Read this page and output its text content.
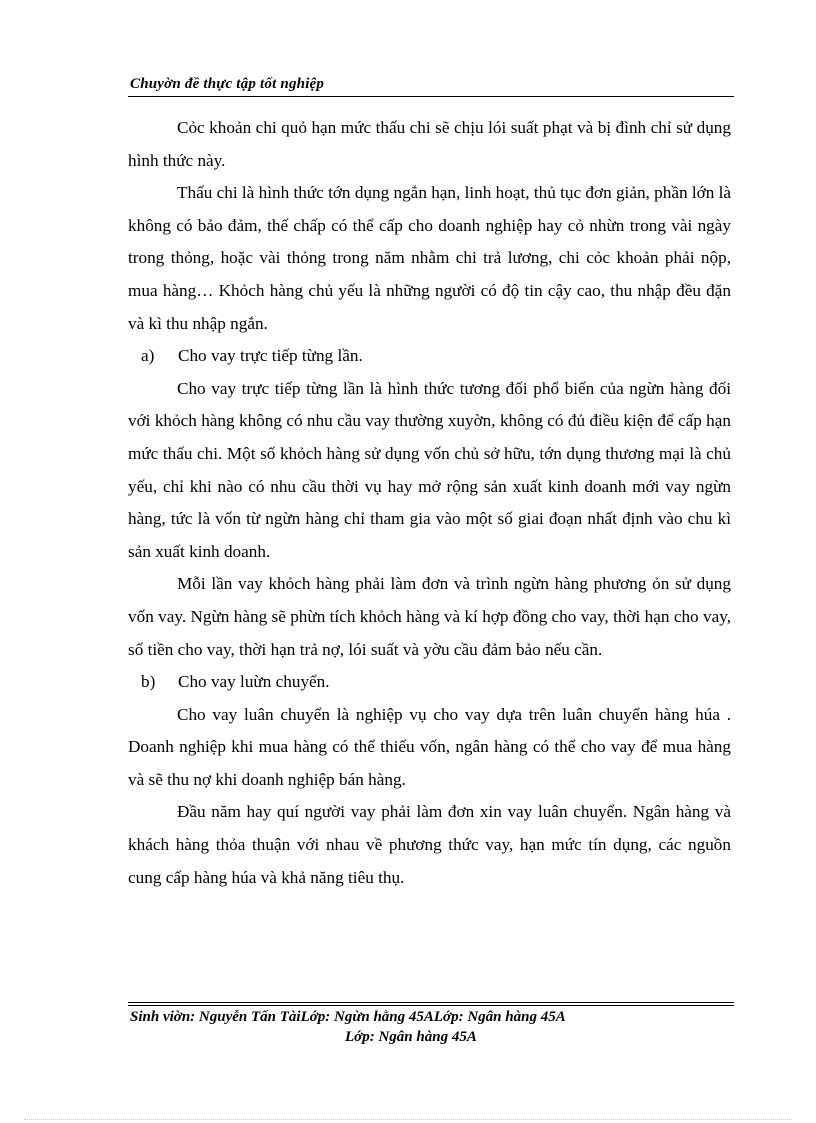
Chuyờn đề thực tập tốt nghiệp

Cỏc khoản chi quỏ hạn mức thấu chi sẽ chịu lói suất phạt và bị đình chỉ sử dụng hình thức này.

Thấu chi là hình thức tớn dụng ngắn hạn, linh hoạt, thủ tục đơn giản, phần lớn là không có bảo đảm, thế chấp có thể cấp cho doanh nghiệp hay cỏ nhừn trong vài ngày trong thỏng, hoặc vài thỏng trong năm nhằm chi trả lương, chi cỏc khoản phải nộp, mua hàng… Khỏch hàng chủ yếu là những người có độ tin cậy cao, thu nhập đều đặn và kì thu nhập ngắn.

a) Cho vay trực tiếp từng lần.

Cho vay trực tiếp từng lần là hình thức tương đối phổ biến của ngừn hàng đối với khỏch hàng không có nhu cầu vay thường xuyờn, không có đủ điều kiện để cấp hạn mức thấu chi. Một số khỏch hàng sử dụng vốn chủ sở hữu, tớn dụng thương mại là chủ yếu, chỉ khi nào có nhu cầu thời vụ hay mở rộng sản xuất kinh doanh mới vay ngừn hàng, tức là vốn từ ngừn hàng chỉ tham gia vào một số giai đoạn nhất định vào chu kì sản xuất kinh doanh.

Mỗi lần vay khỏch hàng phải làm đơn và trình ngừn hàng phương ỏn sử dụng vốn vay. Ngừn hàng sẽ phừn tích khỏch hàng và kí hợp đồng cho vay, thời hạn cho vay, số tiền cho vay, thời hạn trả nợ, lói suất và yờu cầu đảm bảo nếu cần.

b) Cho vay luừn chuyển.

Cho vay luân chuyển là nghiệp vụ cho vay dựa trên luân chuyển hàng húa . Doanh nghiệp khi mua hàng có thể thiếu vốn, ngân hàng có thể cho vay để mua hàng và sẽ thu nợ khi doanh nghiệp bán hàng.

Đầu năm hay quí người vay phải làm đơn xin vay luân chuyển. Ngân hàng và khách hàng thỏa thuận với nhau về phương thức vay, hạn mức tín dụng, các nguồn cung cấp hàng húa và khả năng tiêu thụ.

Sinh viờn: Nguyễn Tấn TàiLớp: Ngừn hằng 45ALớp: Ngân hàng 45A
Lớp: Ngân hàng 45A
